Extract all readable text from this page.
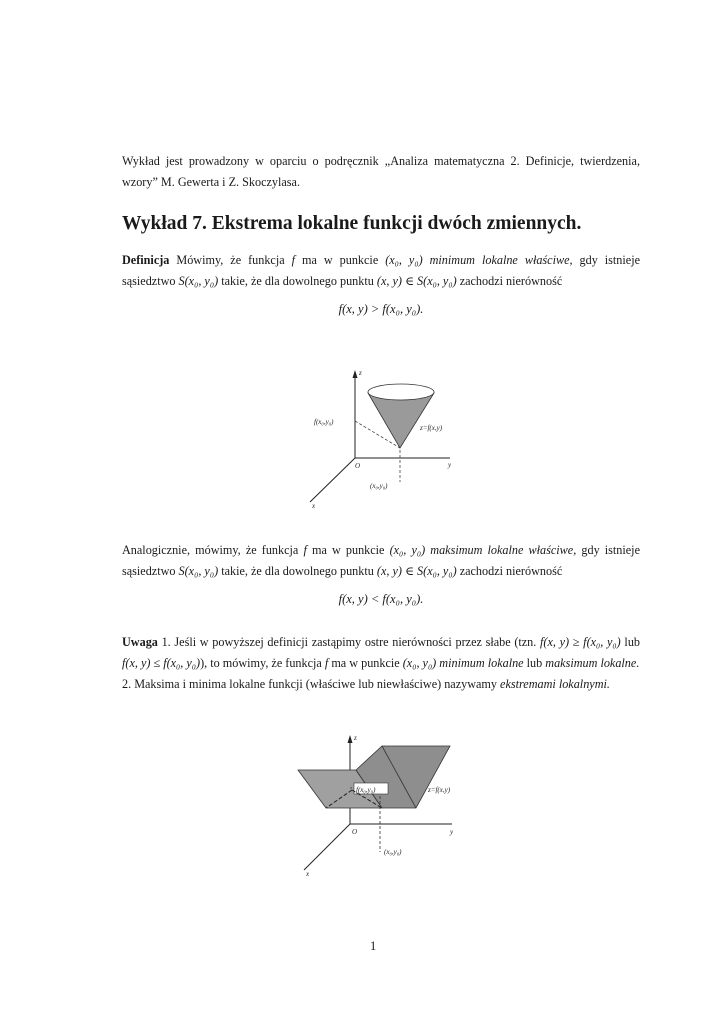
Wykład jest prowadzony w oparciu o podręcznik „Analiza matematyczna 2. Definicje, twierdzenia, wzory” M. Gewerta i Z. Skoczylasa.

Wykład 7. Ekstrema lokalne funkcji dwóch zmiennych.

Definicja Mówimy, że funkcja f ma w punkcie (x₀, y₀) minimum lokalne właściwe, gdy istnieje sąsiedztwo S(x₀, y₀) takie, że dla dowolnego punktu (x, y) ∈ S(x₀, y₀) zachodzi nierówność

f(x, y) > f(x₀, y₀).
z
y
x
O
f(x₀,y₀)
z=f(x,y)
(x₀,y₀)

Analogicznie, mówimy, że funkcja f ma w punkcie (x₀, y₀) maksimum lokalne właściwe, gdy istnieje sąsiedztwo S(x₀, y₀) takie, że dla dowolnego punktu (x, y) ∈ S(x₀, y₀) zachodzi nierówność

f(x, y) < f(x₀, y₀).

Uwaga 1. Jeśli w powyższej definicji zastąpimy ostre nierówności przez słabe (tzn. f(x, y) ≥ f(x₀, y₀) lub f(x, y) ≤ f(x₀, y₀)), to mówimy, że funkcja f ma w punkcie (x₀, y₀) minimum lokalne lub maksimum lokalne.
2. Maksima i minima lokalne funkcji (właściwe lub niewłaściwe) nazywamy ekstremami lokalnymi.

z
y
x
O
f(x₀,y₀)	z=f(x,y)
(x₀,y₀)
1
